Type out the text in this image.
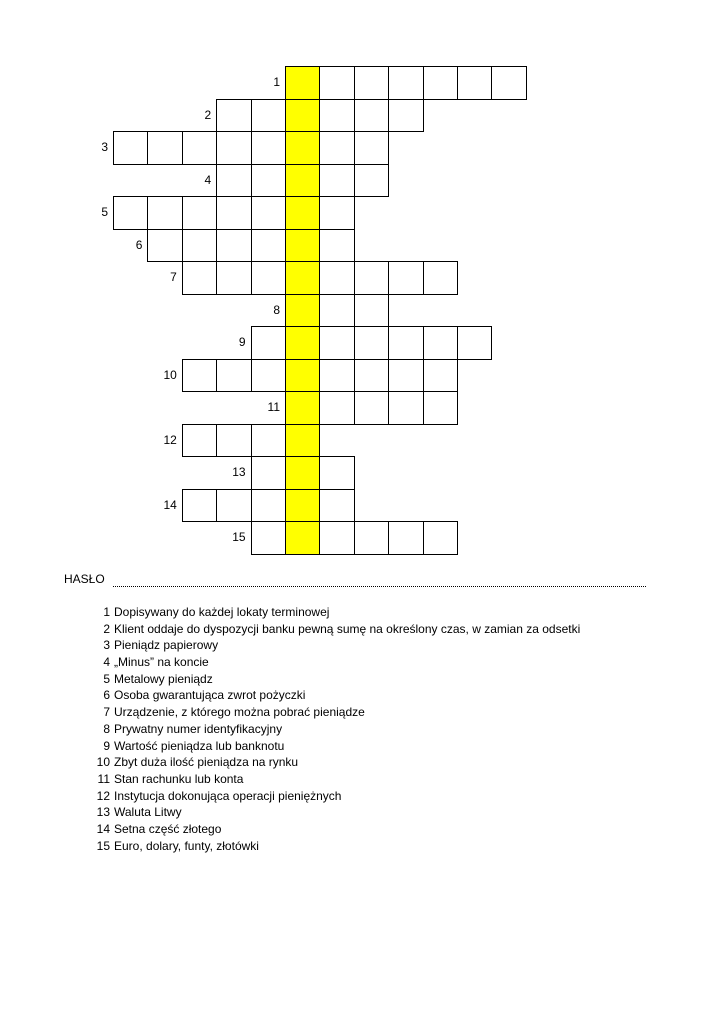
1
2
3
4
5
6
7
8
9
10
11
12
13
14
15
HASŁO
1 Dopisywany do każdej lokaty terminowej
2 Klient oddaje do dyspozycji banku pewną sumę na określony czas, w zamian za odsetki
3 Pieniądz papierowy
4 „Minus” na koncie
5 Metalowy pieniądz
6 Osoba gwarantująca zwrot pożyczki
7 Urządzenie, z którego można pobrać pieniądze
8 Prywatny numer identyfikacyjny
9 Wartość pieniądza lub banknotu
10 Zbyt duża ilość pieniądza na rynku
11 Stan rachunku lub konta
12 Instytucja dokonująca operacji pieniężnych
13 Waluta Litwy
14 Setna część złotego
15 Euro, dolary, funty, złotówki
